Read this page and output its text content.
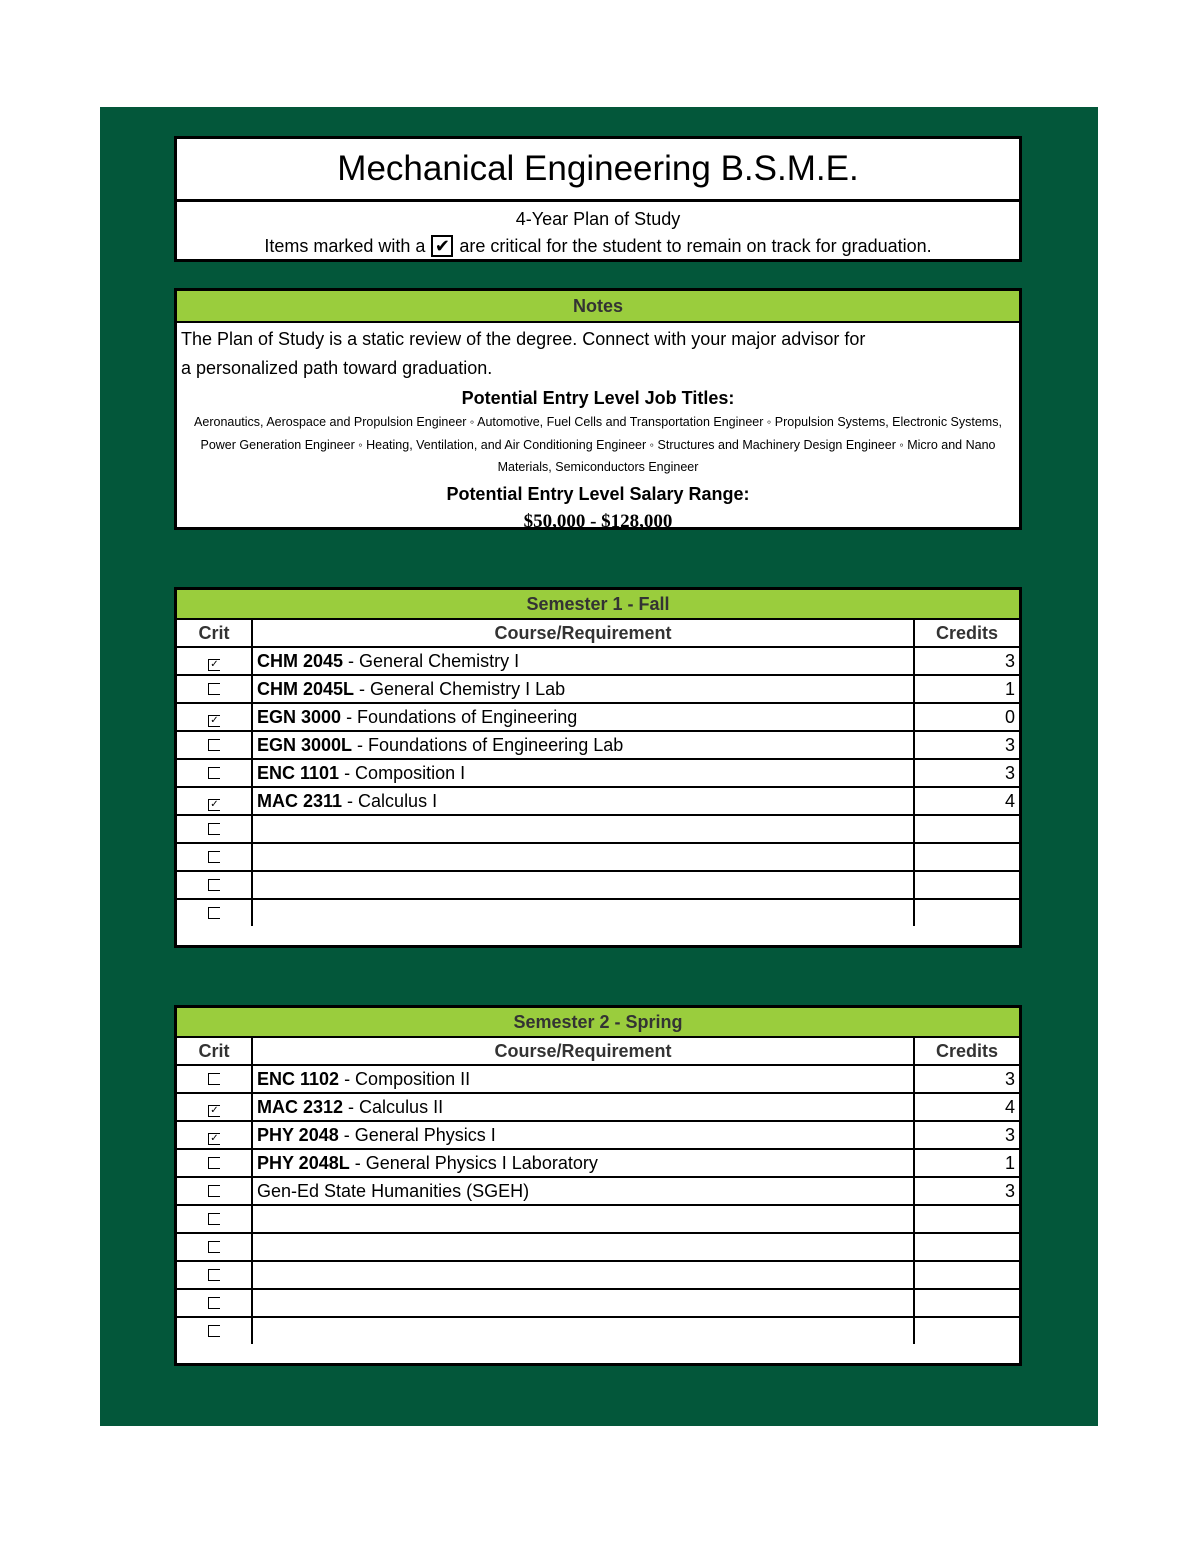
Mechanical Engineering B.S.M.E.
4-Year Plan of Study
Items marked with a ✔ are critical for the student to remain on track for graduation.
Notes
The Plan of Study is a static review of the degree. Connect with your major advisor for
a personalized path toward graduation.
Potential Entry Level Job Titles:
Aeronautics, Aerospace and Propulsion Engineer ◦ Automotive, Fuel Cells and Transportation Engineer ◦ Propulsion Systems, Electronic Systems, Power Generation Engineer ◦ Heating, Ventilation, and Air Conditioning Engineer ◦ Structures and Machinery Design Engineer ◦ Micro and Nano Materials, Semiconductors Engineer
Potential Entry Level Salary Range:
$50,000 - $128,000
Semester 1 - Fall
Crit	Course/Requirement	Credits
✓	CHM 2045 - General Chemistry I	3
	CHM 2045L - General Chemistry I Lab	1
✓	EGN 3000 - Foundations of Engineering	0
	EGN 3000L - Foundations of Engineering Lab	3
	ENC 1101 - Composition I	3
✓	MAC 2311 - Calculus I	4

Semester 2 - Spring
Crit	Course/Requirement	Credits
	ENC 1102 - Composition II	3
✓	MAC 2312 - Calculus II	4
✓	PHY 2048 - General Physics I	3
	PHY 2048L - General Physics I Laboratory	1
	Gen-Ed State Humanities (SGEH)	3
